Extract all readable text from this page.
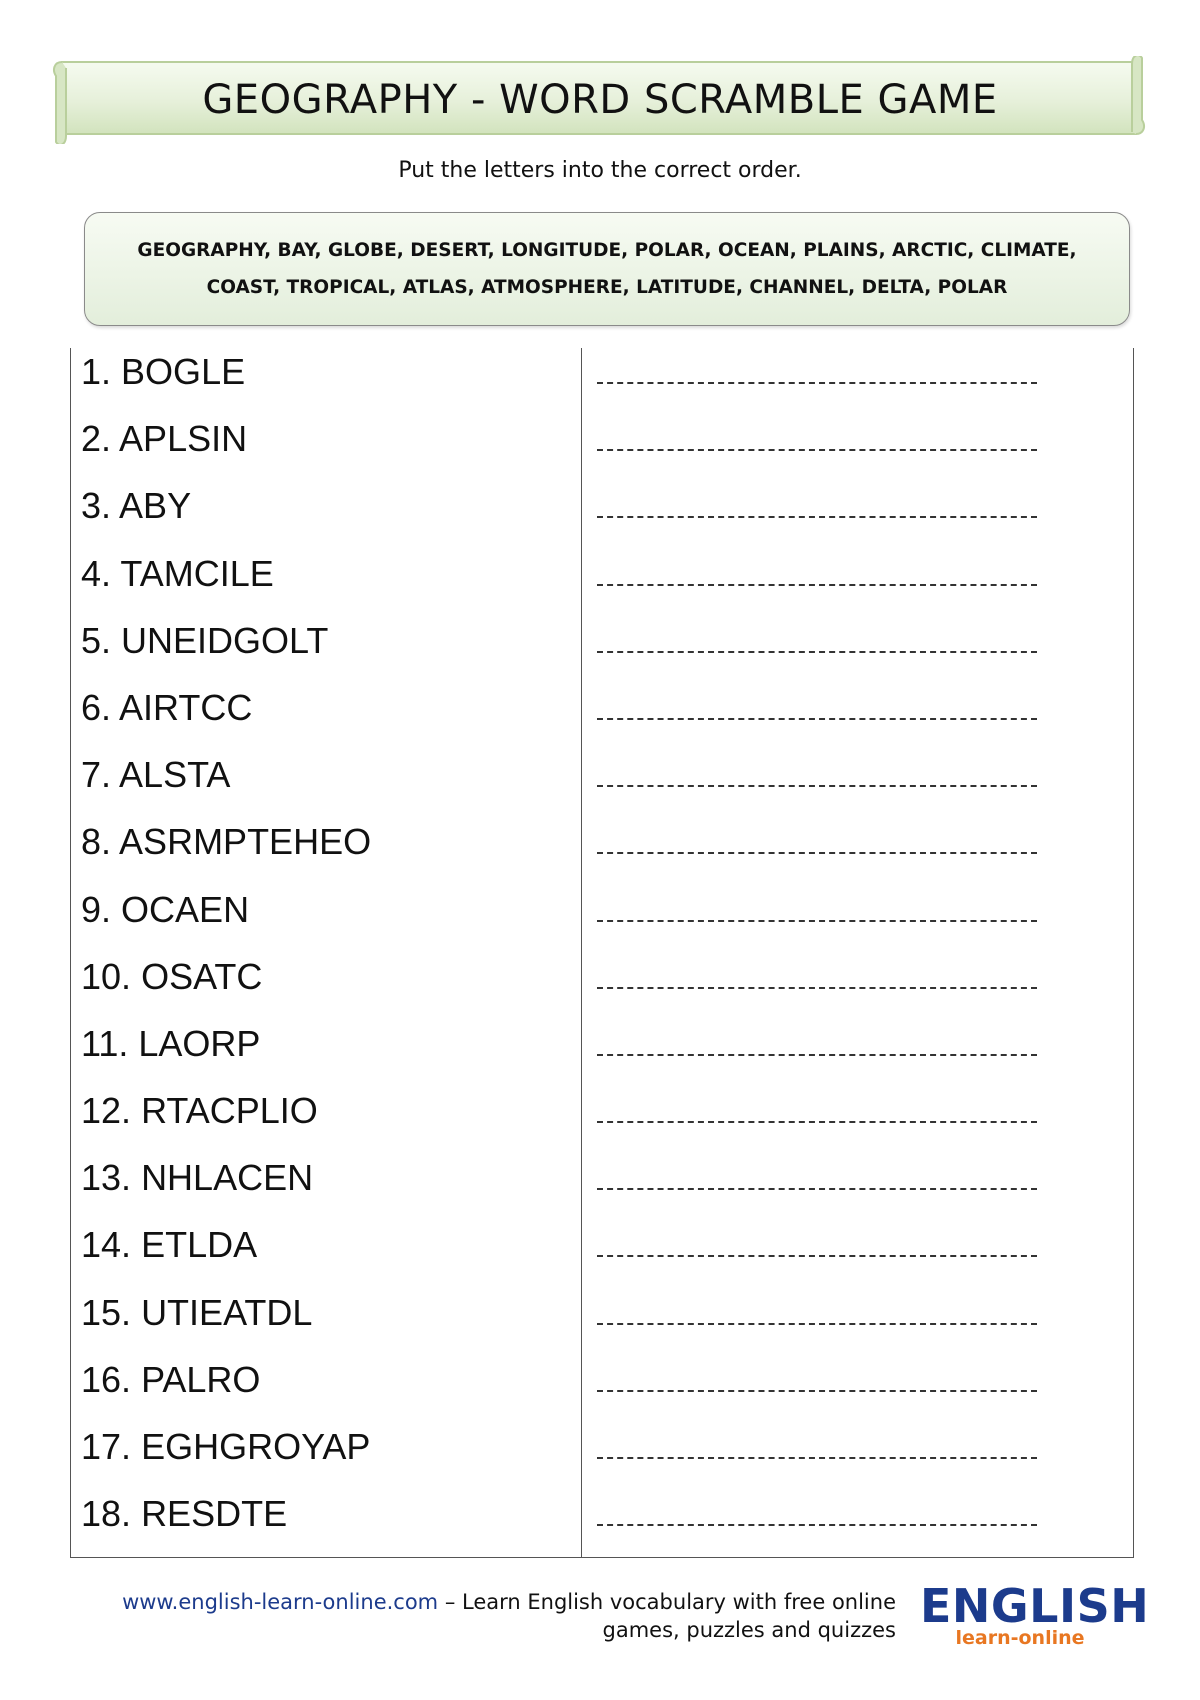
GEOGRAPHY - WORD SCRAMBLE GAME
Put the letters into the correct order.
GEOGRAPHY, BAY, GLOBE, DESERT, LONGITUDE, POLAR, OCEAN, PLAINS, ARCTIC, CLIMATE, COAST, TROPICAL, ATLAS, ATMOSPHERE, LATITUDE, CHANNEL, DELTA, POLAR
1. BOGLE
2. APLSIN
3. ABY
4. TAMCILE
5. UNEIDGOLT
6. AIRTCC
7. ALSTA
8. ASRMPTEHEO
9. OCAEN
10. OSATC
11. LAORP
12. RTACPLIO
13. NHLACEN
14. ETLDA
15. UTIEATDL
16. PALRO
17. EGHGROYAP
18. RESDTE
www.english-learn-online.com – Learn English vocabulary with free online
games, puzzles and quizzes ENGLISH
learn-online
